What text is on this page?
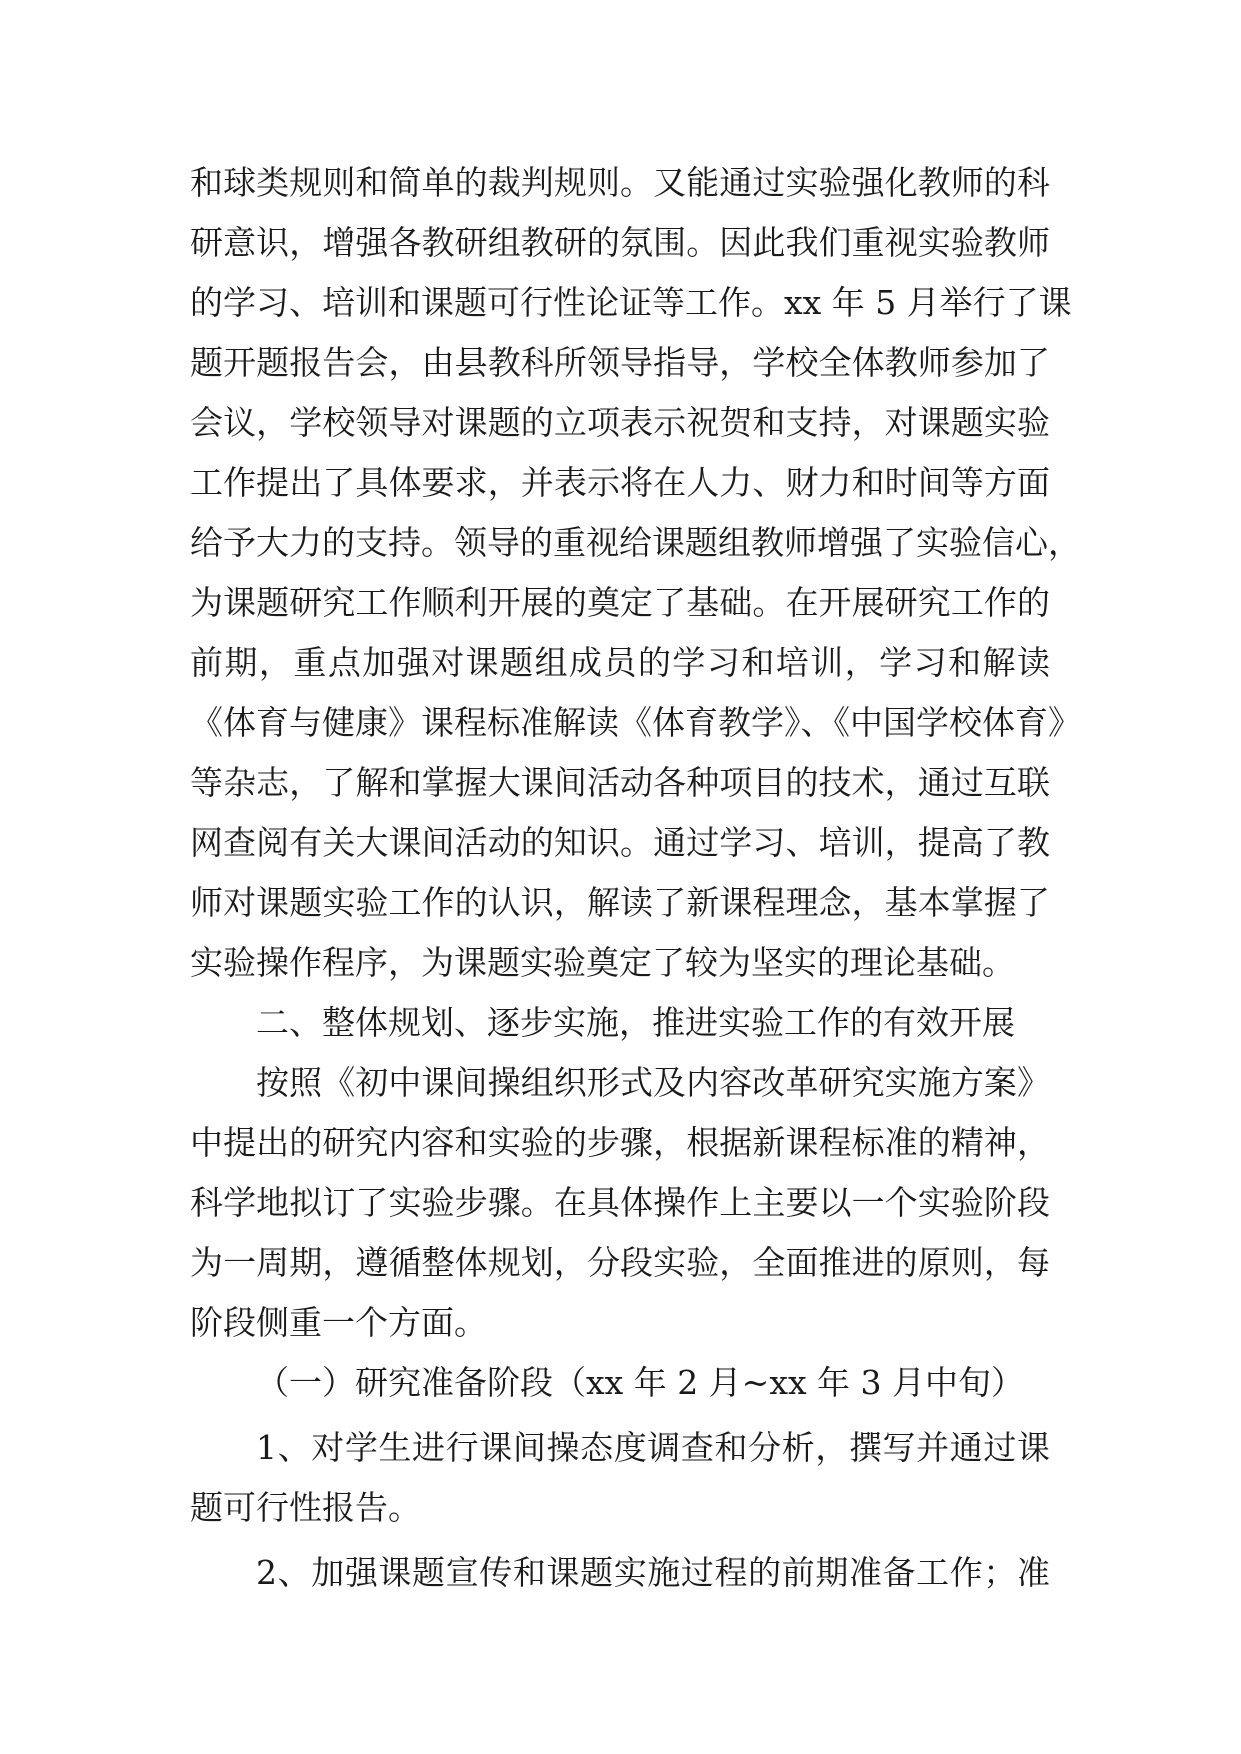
和球类规则和简单的裁判规则。又能通过实验强化教师的科
研意识，增强各教研组教研的氛围。因此我们重视实验教师
的学习、培训和课题可行性论证等工作。xx 年 5 月举行了课
题开题报告会，由县教科所领导指导，学校全体教师参加了
会议，学校领导对课题的立项表示祝贺和支持，对课题实验
工作提出了具体要求，并表示将在人力、财力和时间等方面
给予大力的支持。领导的重视给课题组教师增强了实验信心，
为课题研究工作顺利开展的奠定了基础。在开展研究工作的
前期，重点加强对课题组成员的学习和培训，学习和解读
《体育与健康》课程标准解读《体育教学》、《中国学校体育》
等杂志，了解和掌握大课间活动各种项目的技术，通过互联
网查阅有关大课间活动的知识。通过学习、培训，提高了教
师对课题实验工作的认识，解读了新课程理念，基本掌握了
实验操作程序，为课题实验奠定了较为坚实的理论基础。
二、整体规划、逐步实施，推进实验工作的有效开展
按照《初中课间操组织形式及内容改革研究实施方案》
中提出的研究内容和实验的步骤，根据新课程标准的精神，
科学地拟订了实验步骤。在具体操作上主要以一个实验阶段
为一周期，遵循整体规划，分段实验，全面推进的原则，每
阶段侧重一个方面。
（一）研究准备阶段（xx 年 2 月~xx 年 3 月中旬）
1、对学生进行课间操态度调查和分析，撰写并通过课
题可行性报告。
2、加强课题宣传和课题实施过程的前期准备工作；准
